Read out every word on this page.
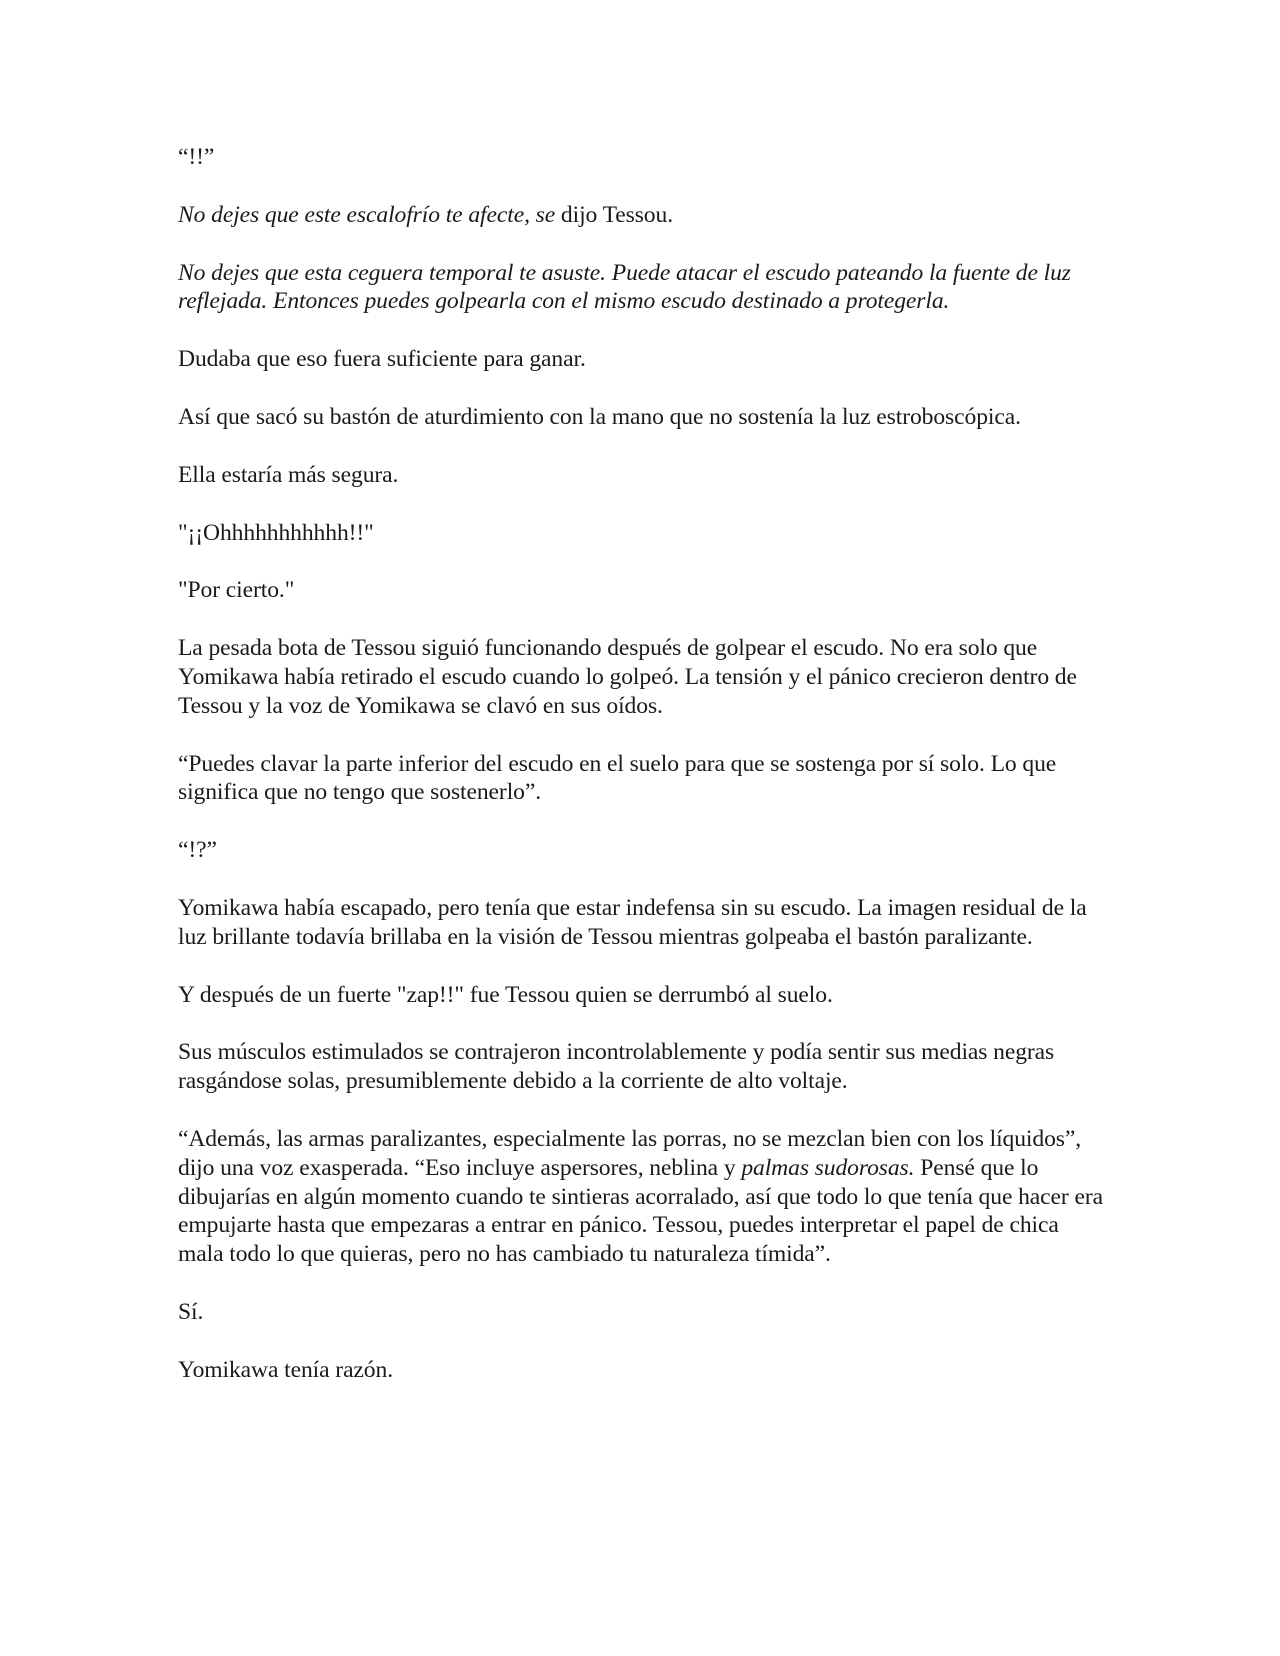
“!!”

No dejes que este escalofrío te afecte, se dijo Tessou.

No dejes que esta ceguera temporal te asuste. Puede atacar el escudo pateando la fuente de luz reflejada. Entonces puedes golpearla con el mismo escudo destinado a protegerla.

Dudaba que eso fuera suficiente para ganar.

Así que sacó su bastón de aturdimiento con la mano que no sostenía la luz estroboscópica.

Ella estaría más segura.

"¡¡Ohhhhhhhhhhh!!"

"Por cierto."

La pesada bota de Tessou siguió funcionando después de golpear el escudo. No era solo que Yomikawa había retirado el escudo cuando lo golpeó. La tensión y el pánico crecieron dentro de Tessou y la voz de Yomikawa se clavó en sus oídos.

“Puedes clavar la parte inferior del escudo en el suelo para que se sostenga por sí solo. Lo que significa que no tengo que sostenerlo”.

“!?”

Yomikawa había escapado, pero tenía que estar indefensa sin su escudo. La imagen residual de la luz brillante todavía brillaba en la visión de Tessou mientras golpeaba el bastón paralizante.

Y después de un fuerte "zap!!" fue Tessou quien se derrumbó al suelo.

Sus músculos estimulados se contrajeron incontrolablemente y podía sentir sus medias negras rasgándose solas, presumiblemente debido a la corriente de alto voltaje.

“Además, las armas paralizantes, especialmente las porras, no se mezclan bien con los líquidos”, dijo una voz exasperada. “Eso incluye aspersores, neblina y palmas sudorosas. Pensé que lo dibujarías en algún momento cuando te sintieras acorralado, así que todo lo que tenía que hacer era empujarte hasta que empezaras a entrar en pánico. Tessou, puedes interpretar el papel de chica mala todo lo que quieras, pero no has cambiado tu naturaleza tímida”.

Sí.

Yomikawa tenía razón.
